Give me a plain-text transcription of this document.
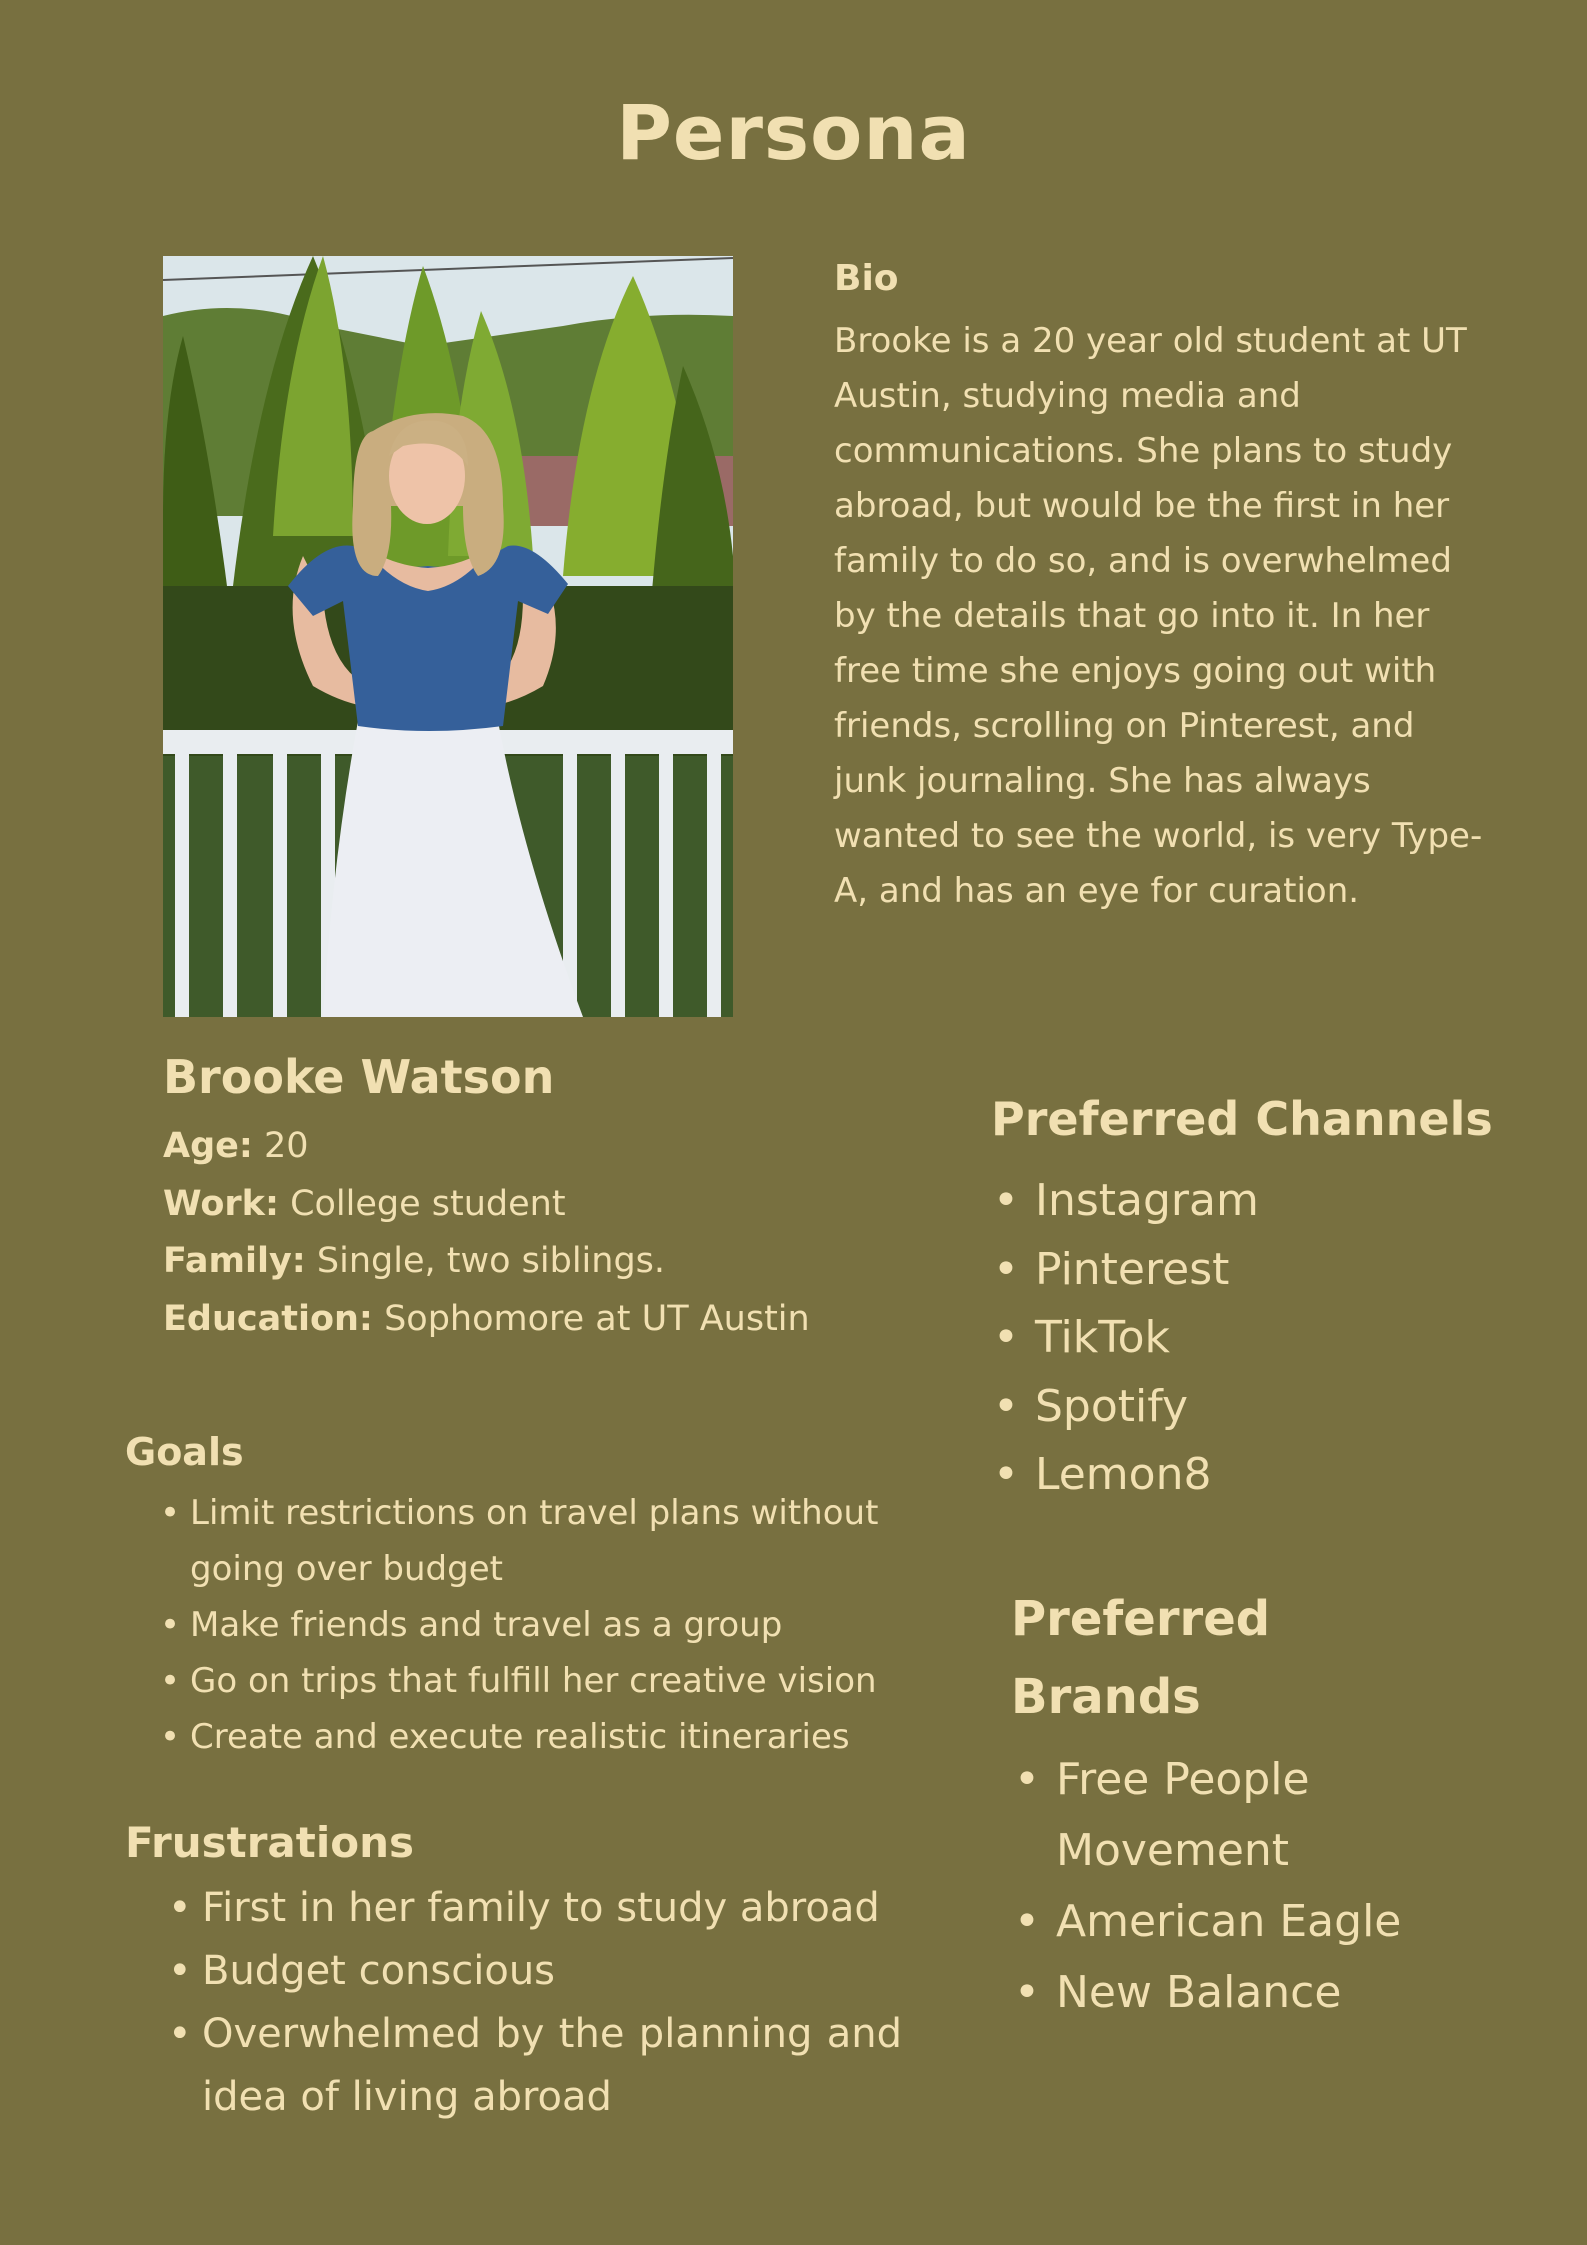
Persona
Bio

Brooke is a 20 year old student at UT Austin, studying media and communications. She plans to study abroad, but would be the first in her family to do so, and is overwhelmed by the details that go into it. In her free time she enjoys going out with friends, scrolling on Pinterest, and junk journaling. She has always wanted to see the world, is very Type-A, and has an eye for curation.

Brooke Watson
Age: 20
Work: College student
Family: Single, two siblings.
Education: Sophomore at UT Austin
Goals
• Limit restrictions on travel plans without going over budget
• Make friends and travel as a group
• Go on trips that fulfill her creative vision
• Create and execute realistic itineraries
Frustrations
• First in her family to study abroad
• Budget conscious
• Overwhelmed by the planning and idea of living abroad
Preferred Channels
• Instagram
• Pinterest
• TikTok
• Spotify
• Lemon8
Preferred Brands
• Free People Movement
• American Eagle
• New Balance
